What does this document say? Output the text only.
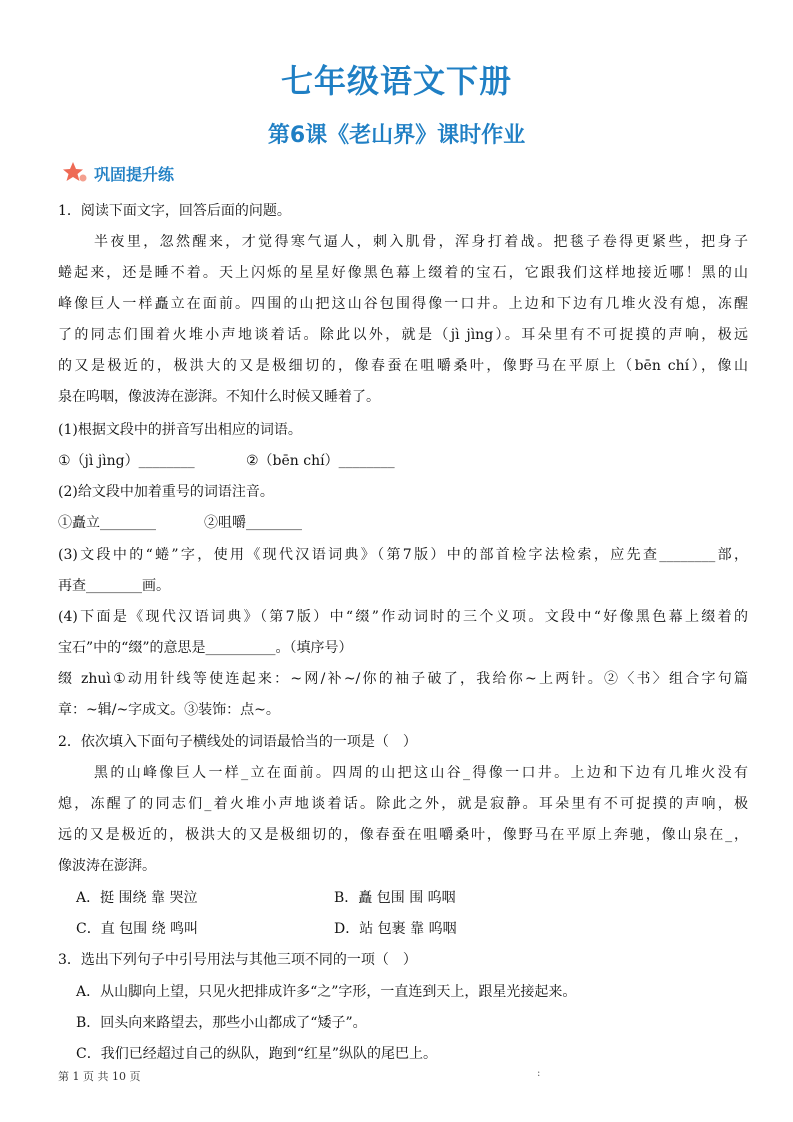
七年级语文下册
第6课《老山界》课时作业
巩固提升练
1．阅读下面文字，回答后面的问题。
半夜里，忽然醒来，才觉得寒气逼人，刺入肌骨，浑身打着战。把毯子卷得更紧些，把身子
蜷起来，还是睡不着。天上闪烁的星星好像黑色幕上缀着的宝石，它跟我们这样地接近哪！黑的山
峰像巨人一样矗立在面前。四围的山把这山谷包围得像一口井。上边和下边有几堆火没有熄，冻醒
了的同志们围着火堆小声地谈着话。除此以外，就是（jì jìng）。耳朵里有不可捉摸的声响，极远
的又是极近的，极洪大的又是极细切的，像春蚕在咀嚼桑叶，像野马在平原上（bēn chí），像山
泉在呜咽，像波涛在澎湃。不知什么时候又睡着了。
(1)根据文段中的拼音写出相应的词语。
①（jì jìng）________	②（bēn chí）________
(2)给文段中加着重号的词语注音。
①矗立________	②咀嚼________
(3)文段中的“蜷”字，使用《现代汉语词典》（第7版）中的部首检字法检索，应先查________部，
再查________画。
(4)下面是《现代汉语词典》（第7版）中“缀”作动词时的三个义项。文段中“好像黑色幕上缀着的
宝石”中的“缀”的意思是__________。（填序号）
缀 zhuì①动用针线等使连起来：~网/补~/你的袖子破了，我给你~上两针。②〈书〉组合字句篇
章：~辑/~字成文。③装饰：点~。
2．依次填入下面句子横线处的词语最恰当的一项是（　）
黑的山峰像巨人一样_立在面前。四周的山把这山谷_得像一口井。上边和下边有几堆火没有
熄，冻醒了的同志们_着火堆小声地谈着话。除此之外，就是寂静。耳朵里有不可捉摸的声响，极
远的又是极近的，极洪大的又是极细切的，像春蚕在咀嚼桑叶，像野马在平原上奔驰，像山泉在_，
像波涛在澎湃。
A．挺 围绕 靠 哭泣	B．矗 包围 围 呜咽
C．直 包围 绕 鸣叫	D．站 包裹 靠 呜咽
3．选出下列句子中引号用法与其他三项不同的一项（　）
A．从山脚向上望，只见火把排成许多“之”字形，一直连到天上，跟星光接起来。
B．回头向来路望去，那些小山都成了“矮子”。
C．我们已经超过自己的纵队，跑到“红星”纵队的尾巴上。
第 1 页 共 10 页	:
